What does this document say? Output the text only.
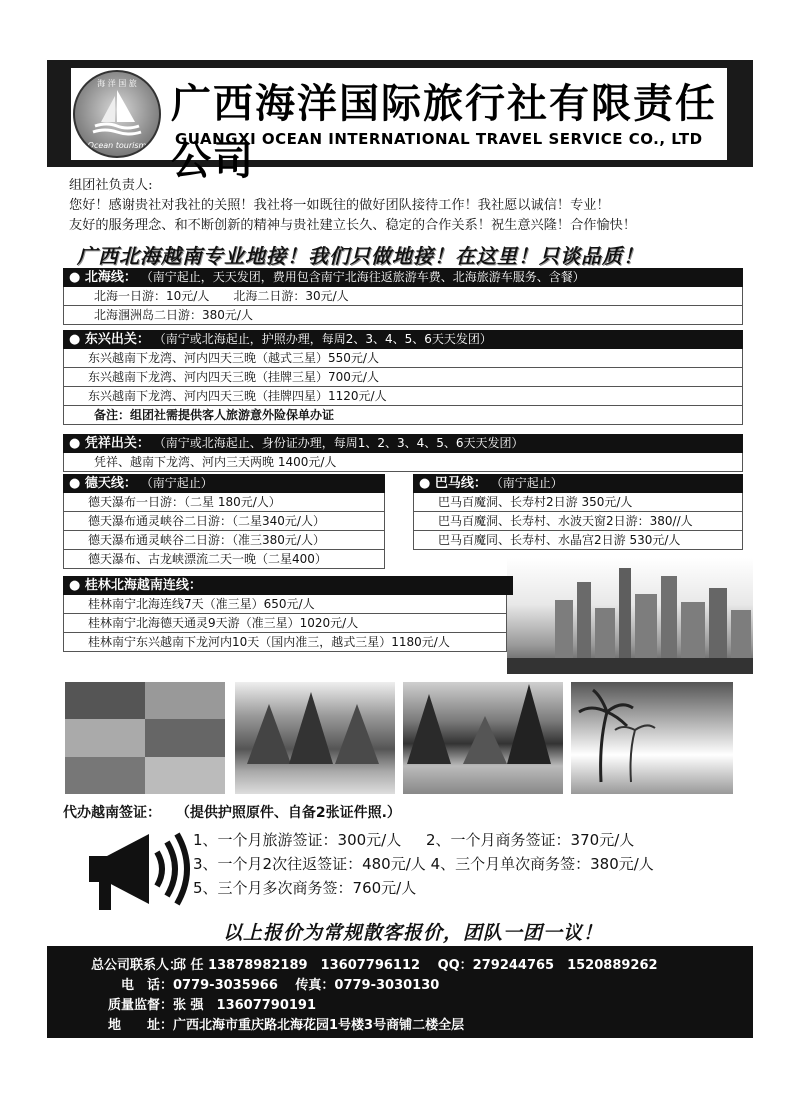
海 洋 国 旅
Ocean tourism
广西海洋国际旅行社有限责任公司
GUANGXI OCEAN INTERNATIONAL TRAVEL SERVICE CO., LTD

组团社负责人:

您好！感谢贵社对我社的关照！我社将一如既往的做好团队接待工作！我社愿以诚信！专业！

友好的服务理念、和不断创新的精神与贵社建立长久、稳定的合作关系！祝生意兴隆！合作愉快！

广西北海越南专业地接！我们只做地接！在这里！只谈品质！
● 北海线： （南宁起止，天天发团，费用包含南宁北海往返旅游车费、北海旅游车服务、含餐）
北海一日游：10元/人　　北海二日游：30元/人
北海涠洲岛二日游：380元/人
● 东兴出关： （南宁或北海起止，护照办理，每周2、3、4、5、6天天发团）
东兴越南下龙湾、河内四天三晚（越式三星）550元/人
东兴越南下龙湾、河内四天三晚（挂牌三星）700元/人
东兴越南下龙湾、河内四天三晚（挂牌四星）1120元/人
备注：组团社需提供客人旅游意外险保单办证
● 凭祥出关： （南宁或北海起止、身份证办理，每周1、2、3、4、5、6天天发团）
凭祥、越南下龙湾、河内三天两晚 1400元/人
● 德天线： （南宁起止）
德天瀑布一日游：（二星 180元/人）
德天瀑布通灵峡谷二日游：（二星340元/人）
德天瀑布通灵峡谷二日游：（准三380元/人）
德天瀑布、古龙峡漂流二天一晚（二星400）
● 巴马线： （南宁起止）
巴马百魔洞、长寿村2日游 350元/人
巴马百魔洞、长寿村、水波天窗2日游：380//人
巴马百魔同、长寿村、水晶宫2日游 530元/人
● 桂林北海越南连线：
桂林南宁北海连线7天（准三星）650元/人
桂林南宁北海德天通灵9天游（准三星）1020元/人
桂林南宁东兴越南下龙河内10天（国内准三，越式三星）1180元/人
代办越南签证： （提供护照原件、自备2张证件照.）
1、一个月旅游签证：300元/人 2、一个月商务签证：370元/人
3、一个月2次往返签证：480元/人 4、三个月单次商务签：380元/人
5、三个月多次商务签：760元/人
以上报价为常规散客报价，团队一团一议！
总公司联系人：邱 任 13878982189　13607796112　 QQ：279244765　1520889262
电　话：0779-3035966　 传真：0779-3030130
质量监督：张 强　13607790191
地　　址：广西北海市重庆路北海花园1号楼3号商铺二楼全层
